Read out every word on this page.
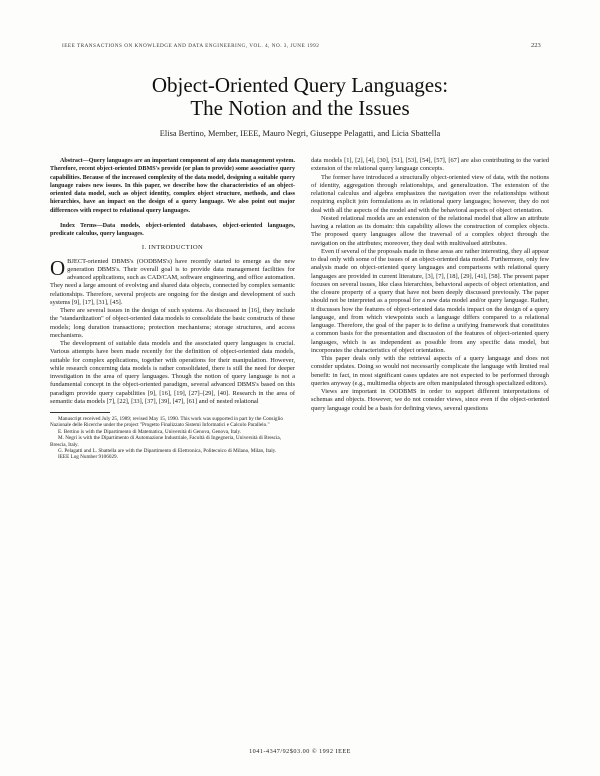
IEEE TRANSACTIONS ON KNOWLEDGE AND DATA ENGINEERING, VOL. 4, NO. 3, JUNE 1992	223
Object-Oriented Query Languages:
The Notion and the Issues
Elisa Bertino, Member, IEEE, Mauro Negri, Giuseppe Pelagatti, and Licia Sbattella

Abstract—Query languages are an important component of any data management system. Therefore, recent object-oriented DBMS's provide (or plan to provide) some associative query capabilities. Because of the increased complexity of the data model, designing a suitable query language raises new issues. In this paper, we describe how the characteristics of an object-oriented data model, such as object identity, complex object structure, methods, and class hierarchies, have an impact on the design of a query language. We also point out major differences with respect to relational query languages.

Index Terms—Data models, object-oriented databases, object-oriented languages, predicate calculus, query languages.

I. INTRODUCTION

OBJECT-oriented DBMS's (OODBMS's) have recently started to emerge as the new generation DBMS's. Their overall goal is to provide data management facilities for advanced applications, such as CAD/CAM, software engineering, and office automation. They need a large amount of evolving and shared data objects, connected by complex semantic relationships. Therefore, several projects are ongoing for the design and development of such systems [9], [17], [31], [45].

There are several issues in the design of such systems. As discussed in [16], they include the "standardization" of object-oriented data models to consolidate the basic constructs of these models; long duration transactions; protection mechanisms; storage structures, and access mechanisms.

The development of suitable data models and the associated query languages is crucial. Various attempts have been made recently for the definition of object-oriented data models, suitable for complex applications, together with operations for their manipulation. However, while research concerning data models is rather consolidated, there is still the need for deeper investigation in the area of query languages. Though the notion of query language is not a fundamental concept in the object-oriented paradigm, several advanced DBMS's based on this paradigm provide query capabilities [9], [16], [19], [27]–[29], [40]. Research in the area of semantic data models [7], [22], [33], [37], [39], [47], [61] and of nested relational

Manuscript received July 25, 1989; revised May 15, 1990. This work was supported in part by the Consiglio Nazionale delle Ricerche under the project "Progetto Finalizzato Sistemi Informatici e Calcolo Parallelo."

E. Bertino is with the Dipartimento di Matematica, Università di Genova, Genova, Italy.

M. Negri is with the Dipartimento di Automazione Industriale, Facoltà di Ingegneria, Università di Brescia, Brescia, Italy.

G. Pelagatti and L. Sbattella are with the Dipartimento di Elettronica, Politecnico di Milano, Milan, Italy.

IEEE Log Number 9106029.

data models [1], [2], [4], [30], [51], [53], [54], [57], [67] are also contributing to the varied extension of the relational query language concepts.

The former have introduced a structurally object-oriented view of data, with the notions of identity, aggregation through relationships, and generalization. The extension of the relational calculus and algebra emphasizes the navigation over the relationships without requiring explicit join formulations as in relational query languages; however, they do not deal with all the aspects of the model and with the behavioral aspects of object orientation.

Nested relational models are an extension of the relational model that allow an attribute having a relation as its domain: this capability allows the construction of complex objects. The proposed query languages allow the traversal of a complex object through the navigation on the attributes; moreover, they deal with multivalued attributes.

Even if several of the proposals made in these areas are rather interesting, they all appear to deal only with some of the issues of an object-oriented data model. Furthermore, only few analysis made on object-oriented query languages and comparisons with relational query languages are provided in current literature, [3], [7], [18], [29], [41], [58]. The present paper focuses on several issues, like class hierarchies, behavioral aspects of object orientation, and the closure property of a query that have not been deeply discussed previously. The paper should not be interpreted as a proposal for a new data model and/or query language. Rather, it discusses how the features of object-oriented data models impact on the design of a query language, and from which viewpoints such a language differs compared to a relational language. Therefore, the goal of the paper is to define a unifying framework that constitutes a common basis for the presentation and discussion of the features of object-oriented query languages, which is as independent as possible from any specific data model, but incorporates the characteristics of object orientation.

This paper deals only with the retrieval aspects of a query language and does not consider updates. Doing so would not necessarily complicate the language with limited real benefit: in fact, in most significant cases updates are not expected to be performed through queries anyway (e.g., multimedia objects are often manipulated through specialized editors).

Views are important in OODBMS in order to support different interpretations of schemas and objects. However, we do not consider views, since even if the object-oriented query language could be a basis for defining views, several questions

1041-4347/92$03.00 © 1992 IEEE
